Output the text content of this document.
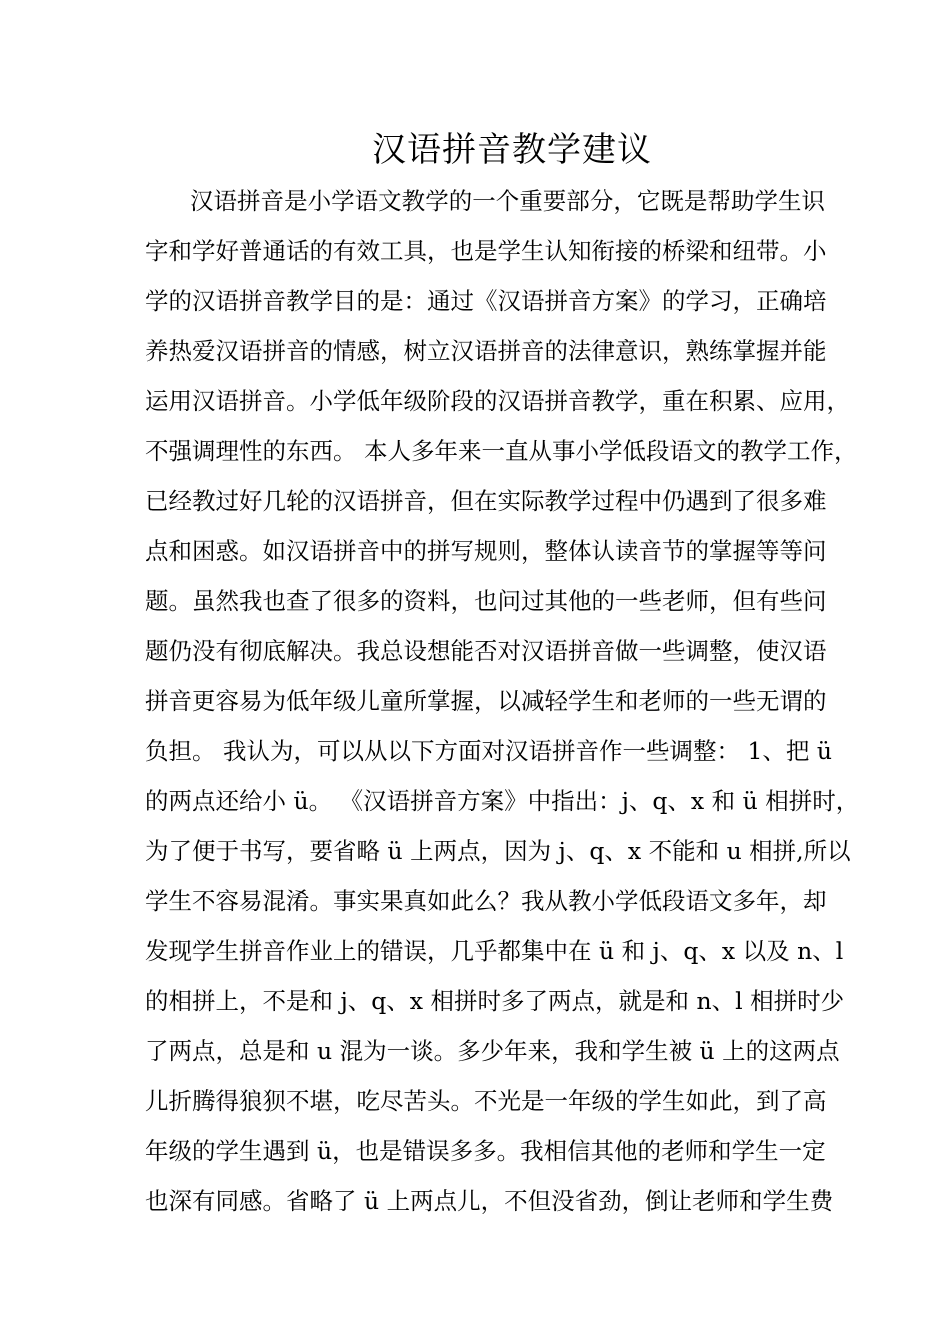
汉语拼音教学建议
汉语拼音是小学语文教学的一个重要部分，它既是帮助学生识
字和学好普通话的有效工具，也是学生认知衔接的桥梁和纽带。小
学的汉语拼音教学目的是：通过《汉语拼音方案》的学习，正确培
养热爱汉语拼音的情感，树立汉语拼音的法律意识，熟练掌握并能
运用汉语拼音。小学低年级阶段的汉语拼音教学，重在积累、应用，
不强调理性的东西。 本人多年来一直从事小学低段语文的教学工作，
已经教过好几轮的汉语拼音，但在实际教学过程中仍遇到了很多难
点和困惑。如汉语拼音中的拼写规则，整体认读音节的掌握等等问
题。虽然我也查了很多的资料，也问过其他的一些老师，但有些问
题仍没有彻底解决。我总设想能否对汉语拼音做一些调整，使汉语
拼音更容易为低年级儿童所掌握，以减轻学生和老师的一些无谓的
负担。 我认为，可以从以下方面对汉语拼音作一些调整： 1、把 ü
的两点还给小 ü。 《汉语拼音方案》中指出：j、q、x 和 ü 相拼时，
为了便于书写，要省略 ü 上两点，因为 j、q、x 不能和 u 相拼,所以
学生不容易混淆。事实果真如此么？我从教小学低段语文多年，却
发现学生拼音作业上的错误，几乎都集中在 ü 和 j、q、x 以及 n、l
的相拼上，不是和 j、q、x 相拼时多了两点，就是和 n、l 相拼时少
了两点，总是和 u 混为一谈。多少年来，我和学生被 ü 上的这两点
儿折腾得狼狈不堪，吃尽苦头。不光是一年级的学生如此，到了高
年级的学生遇到 ü，也是错误多多。我相信其他的老师和学生一定
也深有同感。省略了 ü 上两点儿，不但没省劲，倒让老师和学生费
